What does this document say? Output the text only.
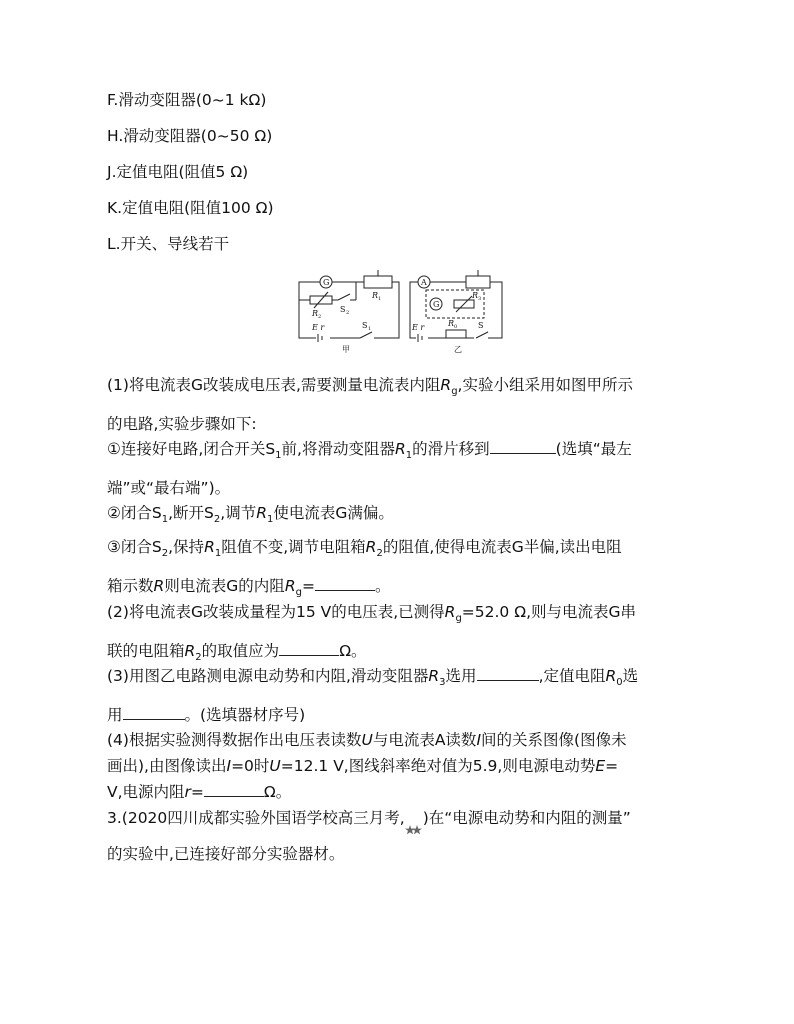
F.滑动变阻器(0~1 kΩ)
H.滑动变阻器(0~50 Ω)
J.定值电阻(阻值5 Ω)
K.定值电阻(阻值100 Ω)
L.开关、导线若干
G	A
G
R 1
R 2
S 2
S 1
E r
R 3
R 0	S
E r
甲	乙
(1)将电流表G改装成电压表,需要测量电流表内阻$R_g$,实验小组采用如图甲所示
的电路,实验步骤如下:
①连接好电路,闭合开关$S_1$前,将滑动变阻器$R_1$的滑片移到	(选填“最左
端”或“最右端”)。
②闭合$S_1$,断开$S_2$,调节$R_1$使电流表G满偏。
③闭合$S_2$,保持$R_1$阻值不变,调节电阻箱$R_2$的阻值,使得电流表G半偏,读出电阻
箱示数R则电流表G的内阻$R_g=$	。
(2)将电流表G改装成量程为15 V的电压表,已测得$R_g=52.0$ Ω,则与电流表G串
联的电阻箱$R_2$的取值应为	Ω。
(3)用图乙电路测电源电动势和内阻,滑动变阻器$R_3$选用	,定值电阻$R_0$选
用	。(选填器材序号)
(4)根据实验测得数据作出电压表读数U与电流表A读数I间的关系图像(图像未
画出),由图像读出I=0时U=12.1 V,图线斜率绝对值为5.9,则电源电动势E=
V,电源内阻r=	Ω。
3.(2020四川成都实验外国语学校高三月考, )在“电源电动势和内阻的测量”
的实验中,已连接好部分实验器材。
